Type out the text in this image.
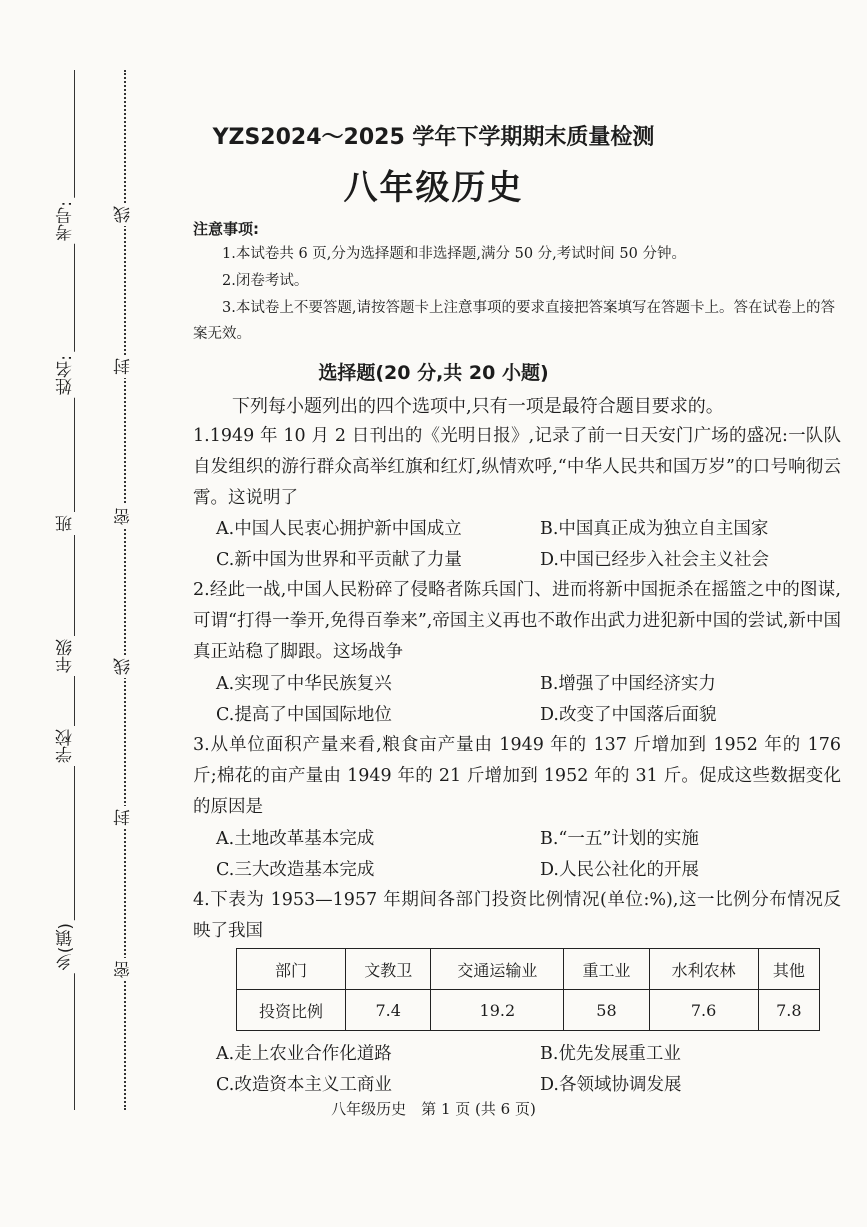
考号:
姓名:
班
年级
学校
乡(镇)
线
封
密
线
封
密
YZS2024～2025 学年下学期期末质量检测
八年级历史
注意事项:
1.本试卷共 6 页,分为选择题和非选择题,满分 50 分,考试时间 50 分钟。
2.闭卷考试。
3.本试卷上不要答题,请按答题卡上注意事项的要求直接把答案填写在答题卡上。答在试卷上的答案无效。
选择题(20 分,共 20 小题)
下列每小题列出的四个选项中,只有一项是最符合题目要求的。
1.1949 年 10 月 2 日刊出的《光明日报》,记录了前一日天安门广场的盛况:一队队自发组织的游行群众高举红旗和红灯,纵情欢呼,“中华人民共和国万岁”的口号响彻云霄。这说明了
A.中国人民衷心拥护新中国成立	B.中国真正成为独立自主国家
C.新中国为世界和平贡献了力量	D.中国已经步入社会主义社会
2.经此一战,中国人民粉碎了侵略者陈兵国门、进而将新中国扼杀在摇篮之中的图谋,可谓“打得一拳开,免得百拳来”,帝国主义再也不敢作出武力进犯新中国的尝试,新中国真正站稳了脚跟。这场战争
A.实现了中华民族复兴	B.增强了中国经济实力
C.提高了中国国际地位	D.改变了中国落后面貌
3.从单位面积产量来看,粮食亩产量由 1949 年的 137 斤增加到 1952 年的 176 斤;棉花的亩产量由 1949 年的 21 斤增加到 1952 年的 31 斤。促成这些数据变化的原因是
A.土地改革基本完成	B.“一五”计划的实施
C.三大改造基本完成	D.人民公社化的开展
4.下表为 1953—1957 年期间各部门投资比例情况(单位:%),这一比例分布情况反映了我国
部门	文教卫	交通运输业	重工业	水利农林	其他
投资比例	7.4	19.2	58	7.6	7.8
A.走上农业合作化道路	B.优先发展重工业
C.改造资本主义工商业	D.各领域协调发展
八年级历史　第 1 页 (共 6 页)
